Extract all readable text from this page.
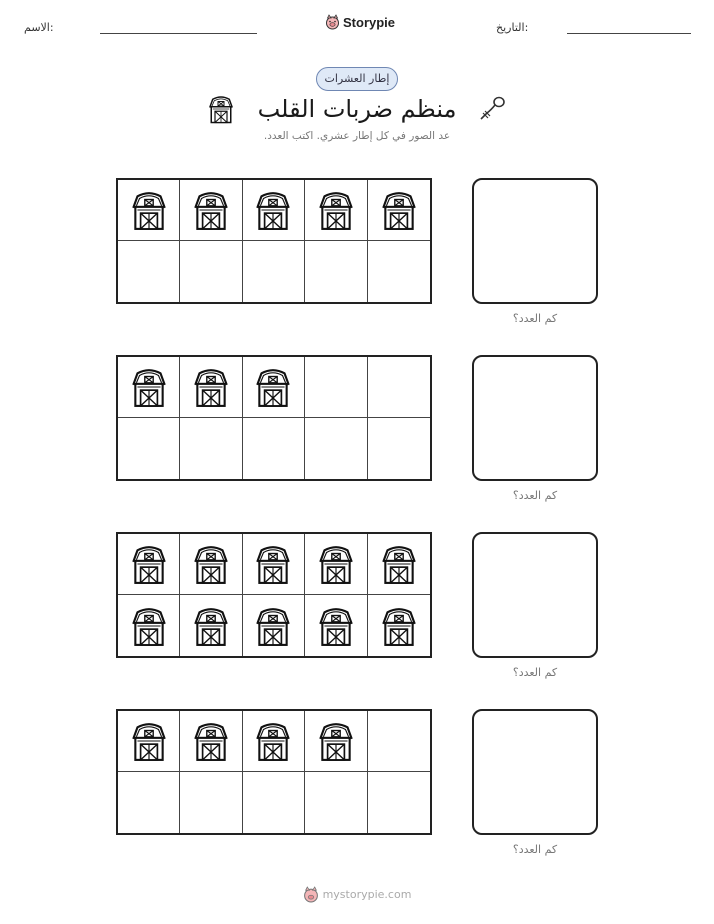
الاسم:	Storypie	التاريخ:
إطار العشرات
منظم ضربات القلب
عد الصور في كل إطار عشري. اكتب العدد.
كم العدد؟
كم العدد؟
كم العدد؟
كم العدد؟
mystorypie.com
